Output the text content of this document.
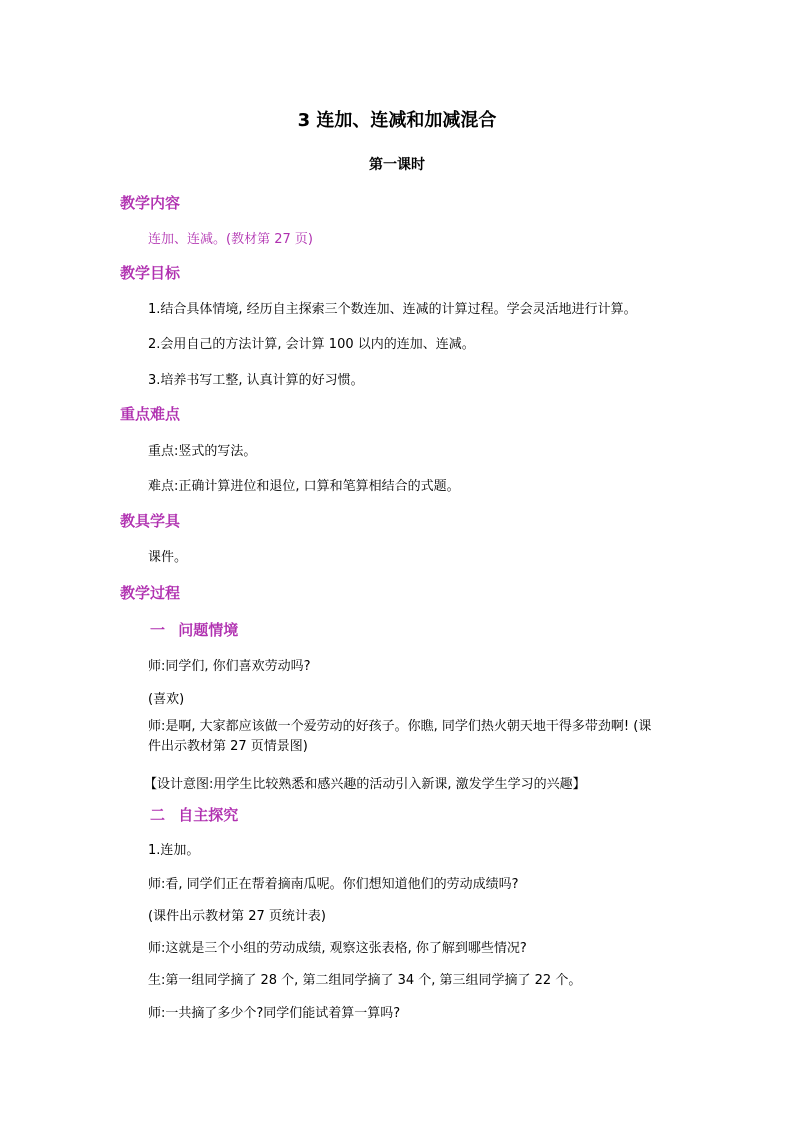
3 连加、连减和加减混合
第一课时
教学内容

连加、连减。(教材第 27 页)

教学目标

1.结合具体情境, 经历自主探索三个数连加、连减的计算过程。学会灵活地进行计算。

2.会用自己的方法计算, 会计算 100 以内的连加、连减。

3.培养书写工整, 认真计算的好习惯。

重点难点

重点:竖式的写法。

难点:正确计算进位和退位, 口算和笔算相结合的式题。

教具学具

课件。

教学过程
一 问题情境

师:同学们, 你们喜欢劳动吗?

(喜欢)

师:是啊, 大家都应该做一个爱劳动的好孩子。你瞧, 同学们热火朝天地干得多带劲啊! (课件出示教材第 27 页情景图)

【设计意图:用学生比较熟悉和感兴趣的活动引入新课, 激发学生学习的兴趣】

二 自主探究

1.连加。

师:看, 同学们正在帮着摘南瓜呢。你们想知道他们的劳动成绩吗?

(课件出示教材第 27 页统计表)

师:这就是三个小组的劳动成绩, 观察这张表格, 你了解到哪些情况?

生:第一组同学摘了 28 个, 第二组同学摘了 34 个, 第三组同学摘了 22 个。

师:一共摘了多少个?同学们能试着算一算吗?
